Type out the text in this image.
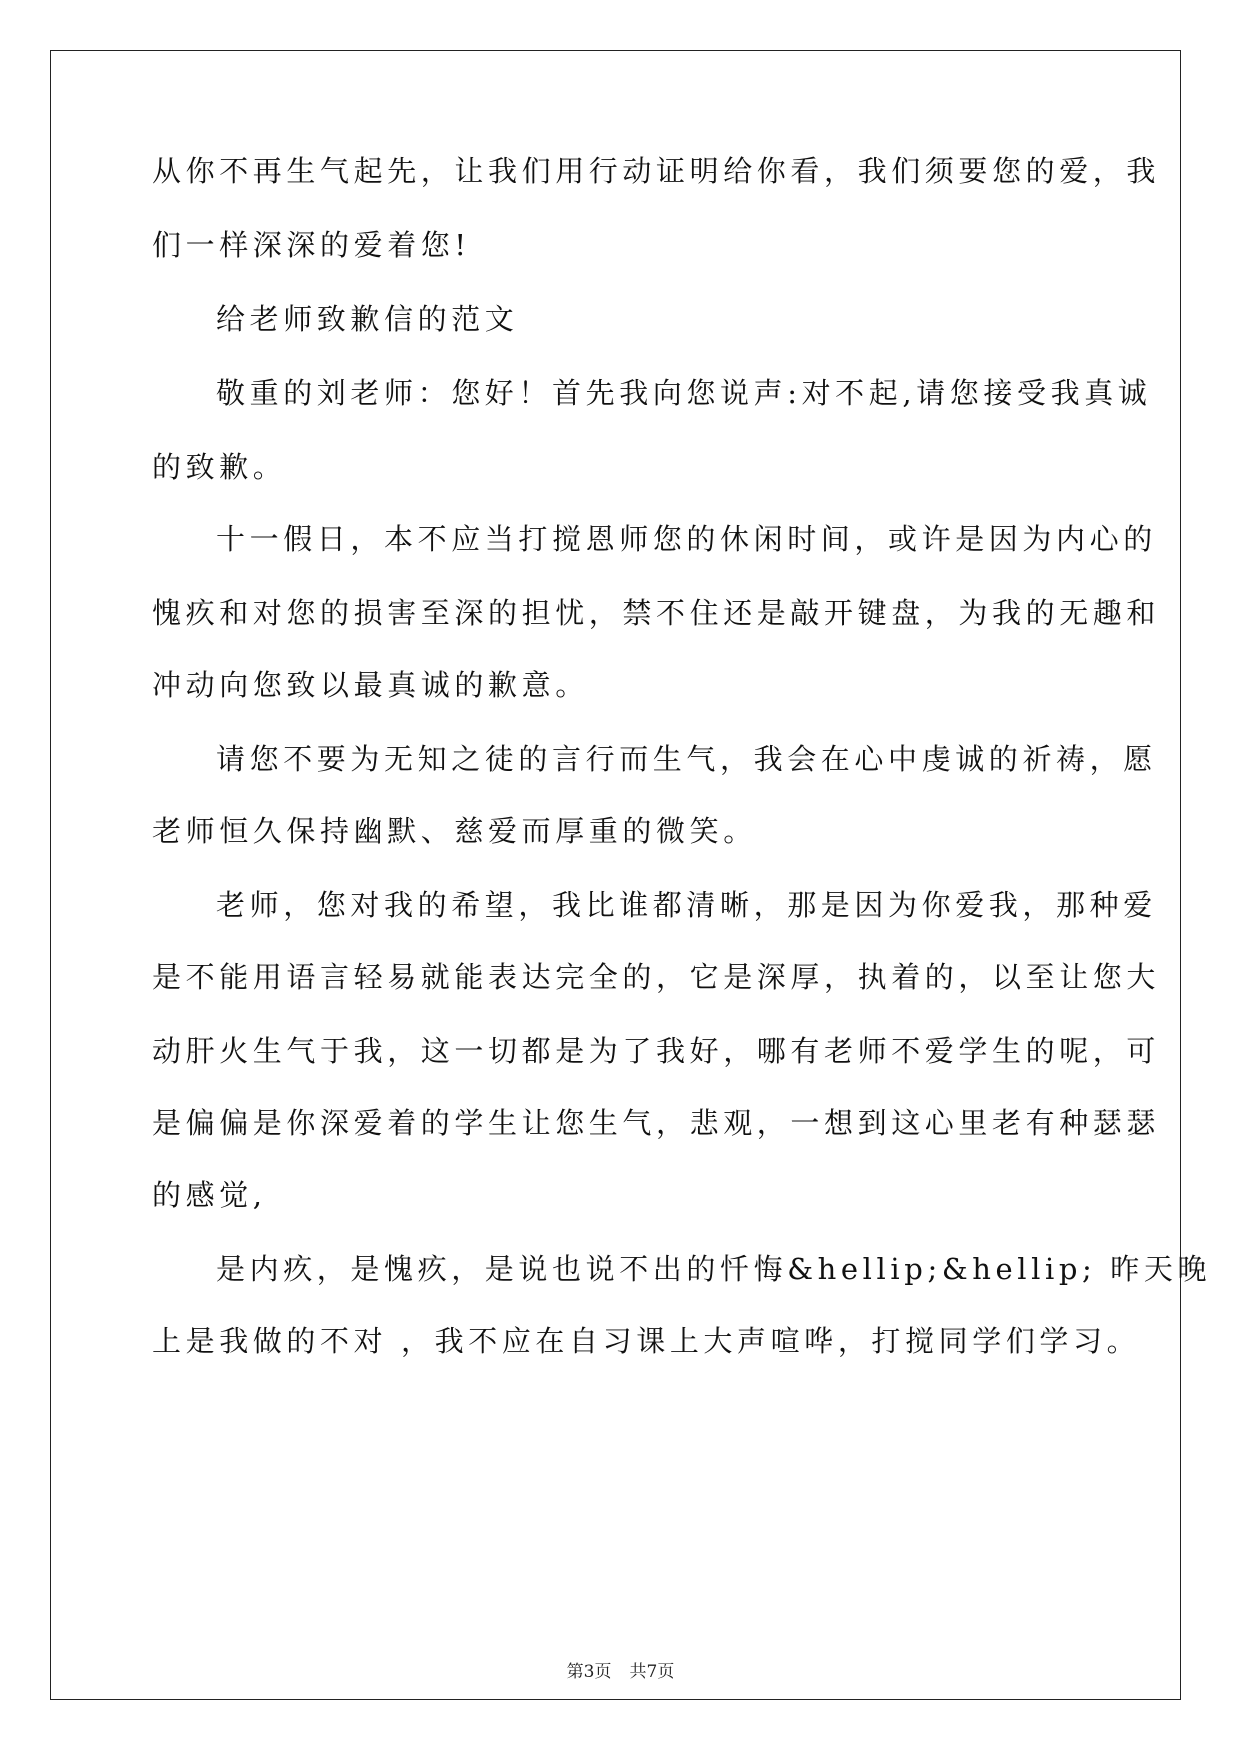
从你不再生气起先，让我们用行动证明给你看，我们须要您的爱，我
们一样深深的爱着您!
给老师致歉信的范文
敬重的刘老师：您好！首先我向您说声:对不起,请您接受我真诚
的致歉。
十一假日，本不应当打搅恩师您的休闲时间，或许是因为内心的
愧疚和对您的损害至深的担忧，禁不住还是敲开键盘，为我的无趣和
冲动向您致以最真诚的歉意。
请您不要为无知之徒的言行而生气，我会在心中虔诚的祈祷，愿
老师恒久保持幽默、慈爱而厚重的微笑。
老师，您对我的希望，我比谁都清晰，那是因为你爱我，那种爱
是不能用语言轻易就能表达完全的，它是深厚，执着的，以至让您大
动肝火生气于我，这一切都是为了我好，哪有老师不爱学生的呢，可
是偏偏是你深爱着的学生让您生气，悲观，一想到这心里老有种瑟瑟
的感觉,
是内疚，是愧疚，是说也说不出的忏悔&hellip;&hellip; 昨天晚
上是我做的不对 ，我不应在自习课上大声喧哗，打搅同学们学习。
第3页 共7页
